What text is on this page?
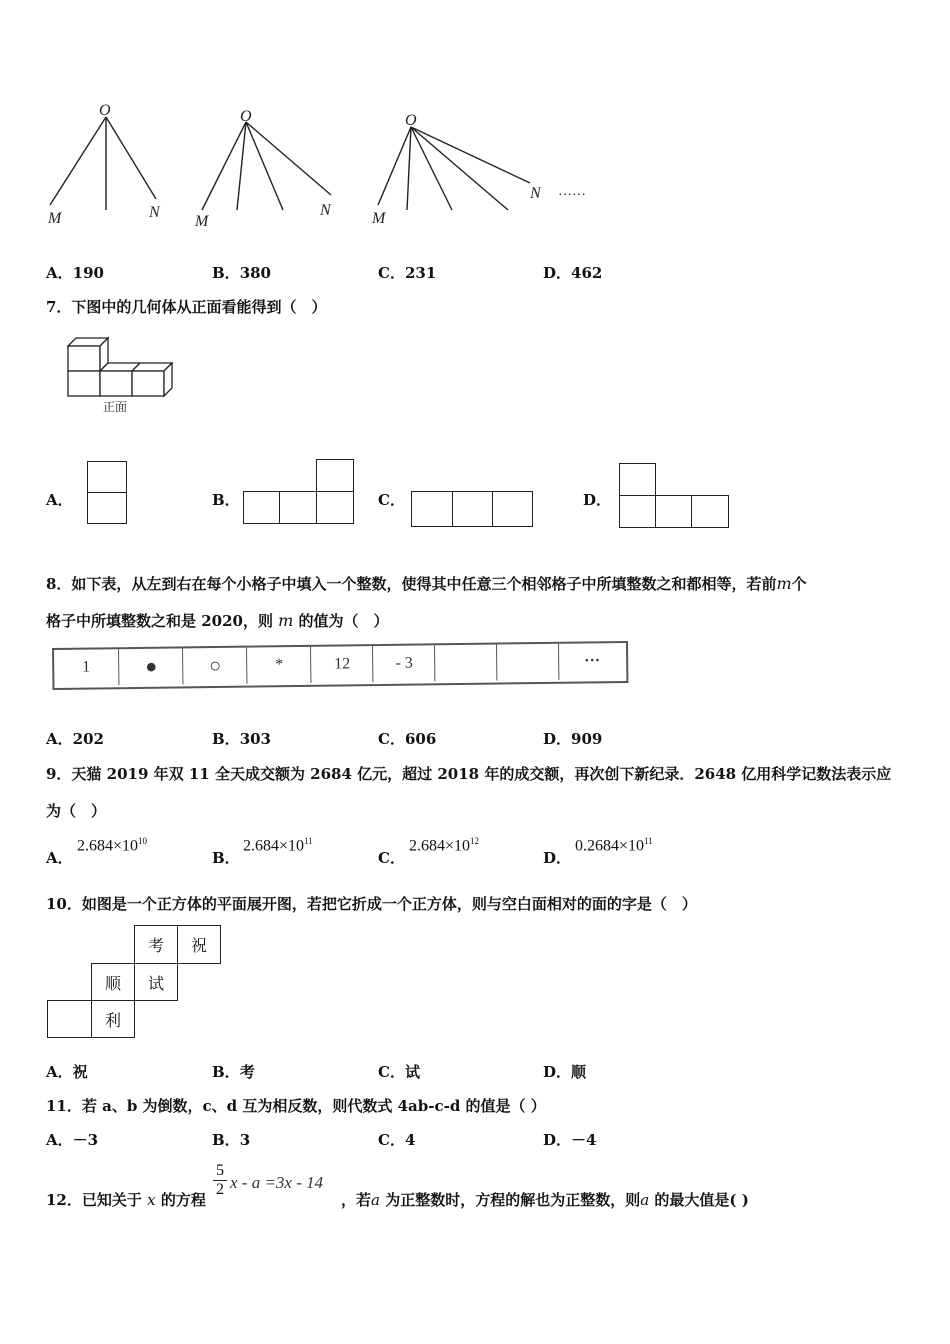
O
M	N
O
M
N
O
M
N ……
A．190	B．380	C．231	D．462
7．下图中的几何体从正面看能得到（　）
正面
A．	B．	C．	D．
8．如下表，从左到右在每个小格子中填入一个整数，使得其中任意三个相邻格子中所填整数之和都相等，若前m个
格子中所填整数之和是 2020，则 m 的值为（　）
1	●	○	*	12	- 3	···
A．202	B．303	C．606	D．909
9．天猫 2019 年双 11 全天成交额为 2684 亿元，超过 2018 年的成交额，再次创下新纪录．2648 亿用科学记数法表示应
为（　）
A．
$2.684\times 10^{10}$
B．
$2.684\times 10^{11}$
C．
$2.684\times 10^{12}$
D．
$0.2684\times 10^{11}$
10．如图是一个正方体的平面展开图，若把它折成一个正方体，则与空白面相对的面的字是（　）
考	祝
顺	试
利
A．祝	B．考	C．试	D．顺
11．若 a、b 为倒数，c、d 互为相反数，则代数式 4ab-c-d 的值是（ ）
A．－3	B．3	C．4	D．－4
12．已知关于 x 的方程
5
2 x - a =3x - 14
，若a 为正整数时，方程的解也为正整数，则a 的最大值是( )
